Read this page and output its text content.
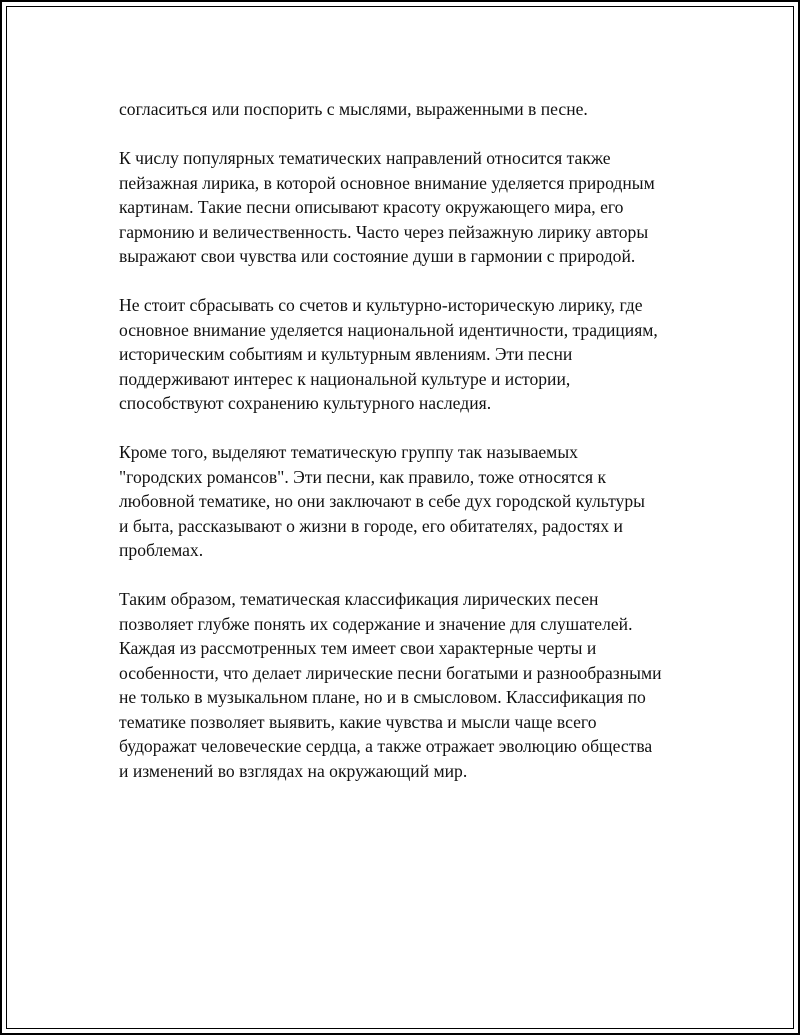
согласиться или поспорить с мыслями, выраженными в песне.

К числу популярных тематических направлений относится также
пейзажная лирика, в которой основное внимание уделяется природным
картинам. Такие песни описывают красоту окружающего мира, его
гармонию и величественность. Часто через пейзажную лирику авторы
выражают свои чувства или состояние души в гармонии с природой.

Не стоит сбрасывать со счетов и культурно-историческую лирику, где
основное внимание уделяется национальной идентичности, традициям,
историческим событиям и культурным явлениям. Эти песни
поддерживают интерес к национальной культуре и истории,
способствуют сохранению культурного наследия.

Кроме того, выделяют тематическую группу так называемых
"городских романсов". Эти песни, как правило, тоже относятся к
любовной тематике, но они заключают в себе дух городской культуры
и быта, рассказывают о жизни в городе, его обитателях, радостях и
проблемах.

Таким образом, тематическая классификация лирических песен
позволяет глубже понять их содержание и значение для слушателей.
Каждая из рассмотренных тем имеет свои характерные черты и
особенности, что делает лирические песни богатыми и разнообразными
не только в музыкальном плане, но и в смысловом. Классификация по
тематике позволяет выявить, какие чувства и мысли чаще всего
будоражат человеческие сердца, а также отражает эволюцию общества
и изменений во взглядах на окружающий мир.
